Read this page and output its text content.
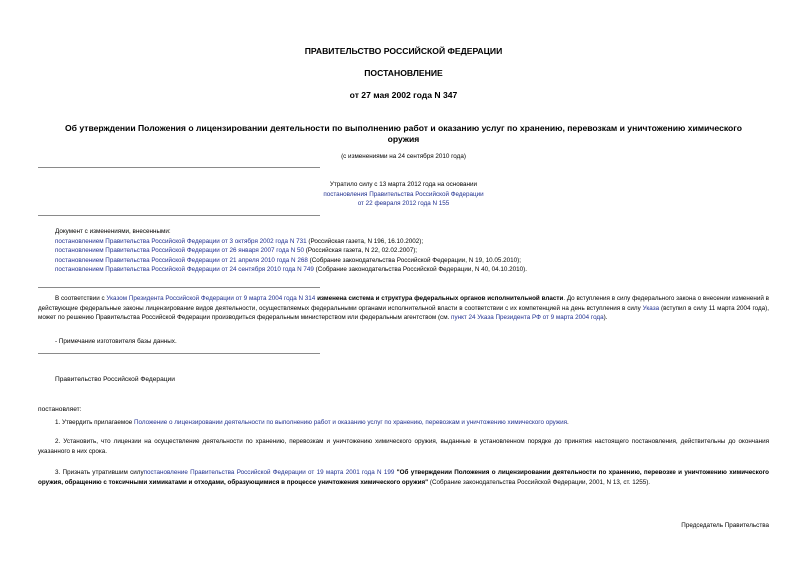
ПРАВИТЕЛЬСТВО РОССИЙСКОЙ ФЕДЕРАЦИИ
ПОСТАНОВЛЕНИЕ
от 27 мая 2002 года N 347
Об утверждении Положения о лицензировании деятельности по выполнению работ и оказанию услуг по хранению, перевозкам и уничтожению химического
оружия
(с изменениями на 24 сентября 2010 года)
Утратило силу с 13 марта 2012 года на основании
постановления Правительства Российской Федерации
от 22 февраля 2012 года N 155
Документ с изменениями, внесенными:
постановлением Правительства Российской Федерации от 3 октября 2002 года N 731 (Российская газета, N 196, 16.10.2002);
постановлением Правительства Российской Федерации от 26 января 2007 года N 50 (Российская газета, N 22, 02.02.2007);
постановлением Правительства Российской Федерации от 21 апреля 2010 года N 268 (Собрание законодательства Российской Федерации, N 19, 10.05.2010);
постановлением Правительства Российской Федерации от 24 сентября 2010 года N 749 (Собрание законодательства Российской Федерации, N 40, 04.10.2010).
В соответствии с Указом Президента Российской Федерации от 9 марта 2004 года N 314 изменена система и структура федеральных органов исполнительной власти. До вступления в силу федерального закона о внесении изменений в действующие федеральные законы лицензирование видов деятельности, осуществляемых федеральными органами исполнительной власти в соответствии с их компетенцией на день вступления в силу Указа (вступил в силу 11 марта 2004 года), может по решению Правительства Российской Федерации производиться федеральным министерством или федеральным агентством (см. пункт 24 Указа Президента РФ от 9 марта 2004 года).
- Примечание изготовителя базы данных.
Правительство Российской Федерации
постановляет:
1. Утвердить прилагаемое Положение о лицензировании деятельности по выполнению работ и оказанию услуг по хранению, перевозкам и уничтожению химического оружия.
2. Установить, что лицензии на осуществление деятельности по хранению, перевозкам и уничтожению химического оружия, выданные в установленном порядке до принятия настоящего постановления, действительны до окончания указанного в них срока.
3. Признать утратившим силупостановление Правительства Российской Федерации от 19 марта 2001 года N 199 "Об утверждении Положения о лицензировании деятельности по хранению, перевозке и уничтожению химического оружия, обращению с токсичными химикатами и отходами, образующимися в процессе уничтожения химического оружия" (Собрание законодательства Российской Федерации, 2001, N 13, ст. 1255).
Председатель Правительства
